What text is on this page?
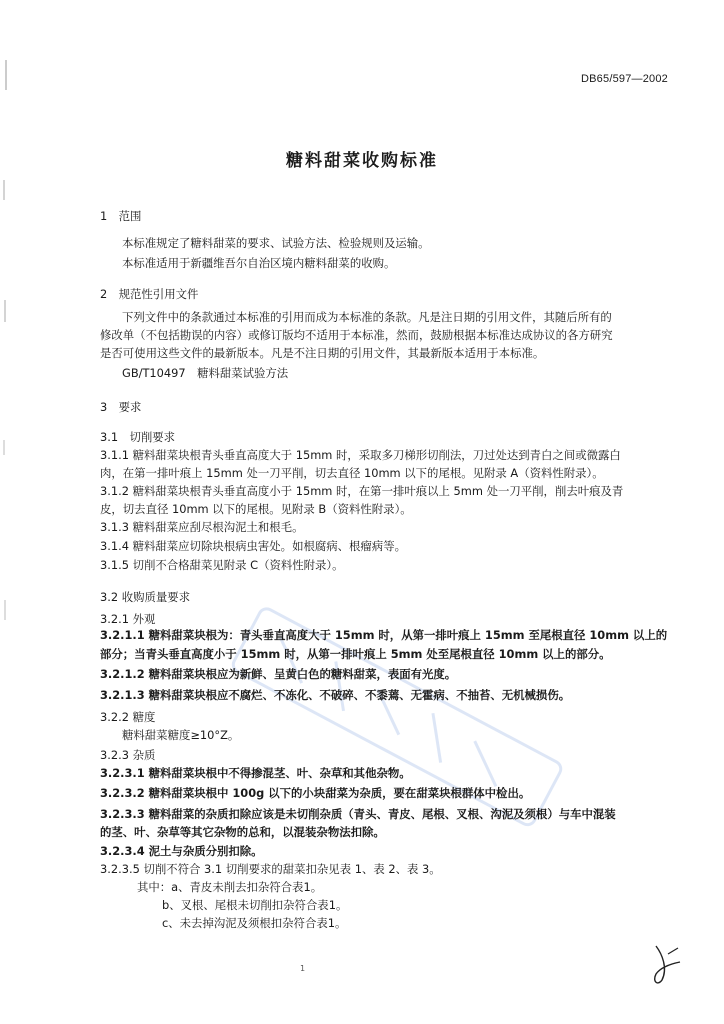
DB65/597—2002
糖料甜菜收购标准
1　范围
本标准规定了糖料甜菜的要求、试验方法、检验规则及运输。
本标准适用于新疆维吾尔自治区境内糖料甜菜的收购。
2　规范性引用文件
下列文件中的条款通过本标准的引用而成为本标准的条款。凡是注日期的引用文件，其随后所有的
修改单（不包括勘误的内容）或修订版均不适用于本标准，然而，鼓励根据本标准达成协议的各方研究
是否可使用这些文件的最新版本。凡是不注日期的引用文件，其最新版本适用于本标准。
GB/T10497　糖料甜菜试验方法
3　要求
3.1　切削要求
3.1.1 糖料甜菜块根青头垂直高度大于 15mm 时，采取多刀梯形切削法，刀过处达到青白之间或微露白
肉，在第一排叶痕上 15mm 处一刀平削，切去直径 10mm 以下的尾根。见附录 A（资料性附录）。
3.1.2 糖料甜菜块根青头垂直高度小于 15mm 时，在第一排叶痕以上 5mm 处一刀平削，削去叶痕及青
皮，切去直径 10mm 以下的尾根。见附录 B（资料性附录）。
3.1.3 糖料甜菜应刮尽根沟泥土和根毛。
3.1.4 糖料甜菜应切除块根病虫害处。如根腐病、根瘤病等。
3.1.5 切削不合格甜菜见附录 C（资料性附录）。
3.2 收购质量要求
3.2.1 外观
3.2.1.1 糖料甜菜块根为：青头垂直高度大于 15mm 时，从第一排叶痕上 15mm 至尾根直径 10mm 以上的
部分；当青头垂直高度小于 15mm 时，从第一排叶痕上 5mm 处至尾根直径 10mm 以上的部分。
3.2.1.2 糖料甜菜块根应为新鲜、呈黄白色的糖料甜菜，表面有光度。
3.2.1.3 糖料甜菜块根应不腐烂、不冻化、不破碎、不黍蔫、无霍病、不抽苔、无机械损伤。
3.2.2 糖度
糖料甜菜糖度≥10°Z。
3.2.3 杂质
3.2.3.1 糖料甜菜块根中不得掺混茎、叶、杂草和其他杂物。
3.2.3.2 糖料甜菜块根中 100g 以下的小块甜菜为杂质，要在甜菜块根群体中检出。
3.2.3.3 糖料甜菜的杂质扣除应该是未切削杂质（青头、青皮、尾根、叉根、沟泥及须根）与车中混装
的茎、叶、杂草等其它杂物的总和，以混装杂物法扣除。
3.2.3.4 泥土与杂质分别扣除。
3.2.3.5 切削不符合 3.1 切削要求的甜菜扣杂见表 1、表 2、表 3。
其中：a、青皮未削去扣杂符合表1。
b、叉根、尾根未切削扣杂符合表1。
c、未去掉沟泥及须根扣杂符合表1。
1
